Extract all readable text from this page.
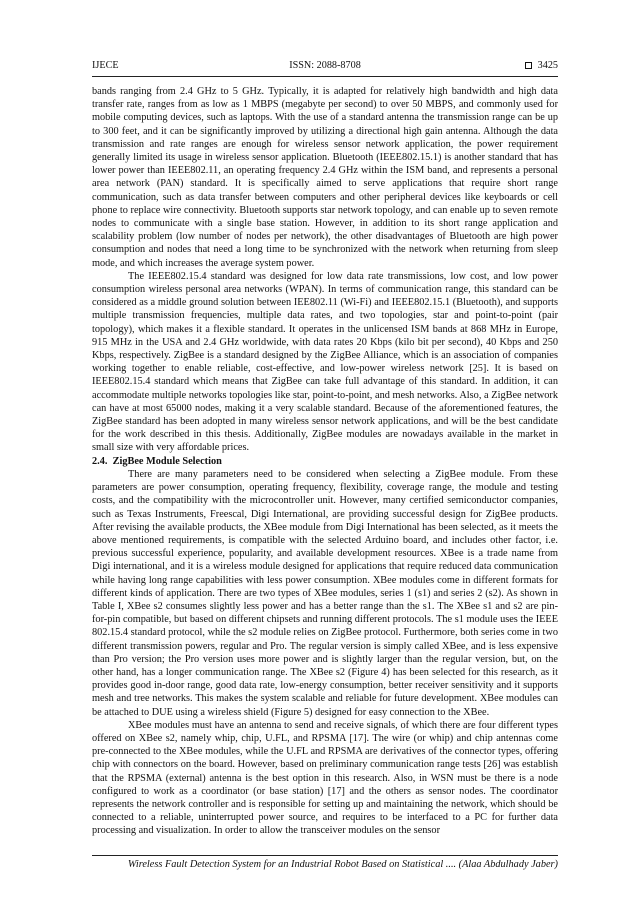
IJECE	ISSN: 2088-8708	3425

bands ranging from 2.4 GHz to 5 GHz. Typically, it is adapted for relatively high bandwidth and high data transfer rate, ranges from as low as 1 MBPS (megabyte per second) to over 50 MBPS, and commonly used for mobile computing devices, such as laptops. With the use of a standard antenna the transmission range can be up to 300 feet, and it can be significantly improved by utilizing a directional high gain antenna. Although the data transmission and rate ranges are enough for wireless sensor network application, the power requirement generally limited its usage in wireless sensor application. Bluetooth (IEEE802.15.1) is another standard that has lower power than IEEE802.11, an operating frequency 2.4 GHz within the ISM band, and represents a personal area network (PAN) standard. It is specifically aimed to serve applications that require short range communication, such as data transfer between computers and other peripheral devices like keyboards or cell phone to replace wire connectivity. Bluetooth supports star network topology, and can enable up to seven remote nodes to communicate with a single base station. However, in addition to its short range application and scalability problem (low number of nodes per network), the other disadvantages of Bluetooth are high power consumption and nodes that need a long time to be synchronized with the network when returning from sleep mode, and which increases the average system power.

The IEEE802.15.4 standard was designed for low data rate transmissions, low cost, and low power consumption wireless personal area networks (WPAN). In terms of communication range, this standard can be considered as a middle ground solution between IEE802.11 (Wi-Fi) and IEEE802.15.1 (Bluetooth), and supports multiple transmission frequencies, multiple data rates, and two topologies, star and point-to-point (pair topology), which makes it a flexible standard. It operates in the unlicensed ISM bands at 868 MHz in Europe, 915 MHz in the USA and 2.4 GHz worldwide, with data rates 20 Kbps (kilo bit per second), 40 Kbps and 250 Kbps, respectively. ZigBee is a standard designed by the ZigBee Alliance, which is an association of companies working together to enable reliable, cost-effective, and low-power wireless network [25]. It is based on IEEE802.15.4 standard which means that ZigBee can take full advantage of this standard. In addition, it can accommodate multiple networks topologies like star, point-to-point, and mesh networks. Also, a ZigBee network can have at most 65000 nodes, making it a very scalable standard. Because of the aforementioned features, the ZigBee standard has been adopted in many wireless sensor network applications, and will be the best candidate for the work described in this thesis. Additionally, ZigBee modules are nowadays available in the market in small size with very affordable prices.

2.4.  ZigBee Module Selection

There are many parameters need to be considered when selecting a ZigBee module. From these parameters are power consumption, operating frequency, flexibility, coverage range, the module and testing costs, and the compatibility with the microcontroller unit. However, many certified semiconductor companies, such as Texas Instruments, Freescal, Digi International, are providing successful design for ZigBee products. After revising the available products, the XBee module from Digi International has been selected, as it meets the above mentioned requirements, is compatible with the selected Arduino board, and includes other factor, i.e. previous successful experience, popularity, and available development resources. XBee is a trade name from Digi international, and it is a wireless module designed for applications that require reduced data communication while having long range capabilities with less power consumption. XBee modules come in different formats for different kinds of application. There are two types of XBee modules, series 1 (s1) and series 2 (s2). As shown in Table I, XBee s2 consumes slightly less power and has a better range than the s1. The XBee s1 and s2 are pin-for-pin compatible, but based on different chipsets and running different protocols. The s1 module uses the IEEE 802.15.4 standard protocol, while the s2 module relies on ZigBee protocol. Furthermore, both series come in two different transmission powers, regular and Pro. The regular version is simply called XBee, and is less expensive than Pro version; the Pro version uses more power and is slightly larger than the regular version, but, on the other hand, has a longer communication range. The XBee s2 (Figure 4) has been selected for this research, as it provides good in-door range, good data rate, low-energy consumption, better receiver sensitivity and it supports mesh and tree networks. This makes the system scalable and reliable for future development. XBee modules can be attached to DUE using a wireless shield (Figure 5) designed for easy connection to the XBee.

XBee modules must have an antenna to send and receive signals, of which there are four different types offered on XBee s2, namely whip, chip, U.FL, and RPSMA [17]. The wire (or whip) and chip antennas come pre-connected to the XBee modules, while the U.FL and RPSMA are derivatives of the connector types, offering chip with connectors on the board. However, based on preliminary communication range tests [26] was establish that the RPSMA (external) antenna is the best option in this research. Also, in WSN must be there is a node configured to work as a coordinator (or base station) [17] and the others as sensor nodes. The coordinator represents the network controller and is responsible for setting up and maintaining the network, which should be connected to a reliable, uninterrupted power source, and requires to be interfaced to a PC for further data processing and visualization. In order to allow the transceiver modules on the sensor

Wireless Fault Detection System for an Industrial Robot Based on Statistical .... (Alaa Abdulhady Jaber)
